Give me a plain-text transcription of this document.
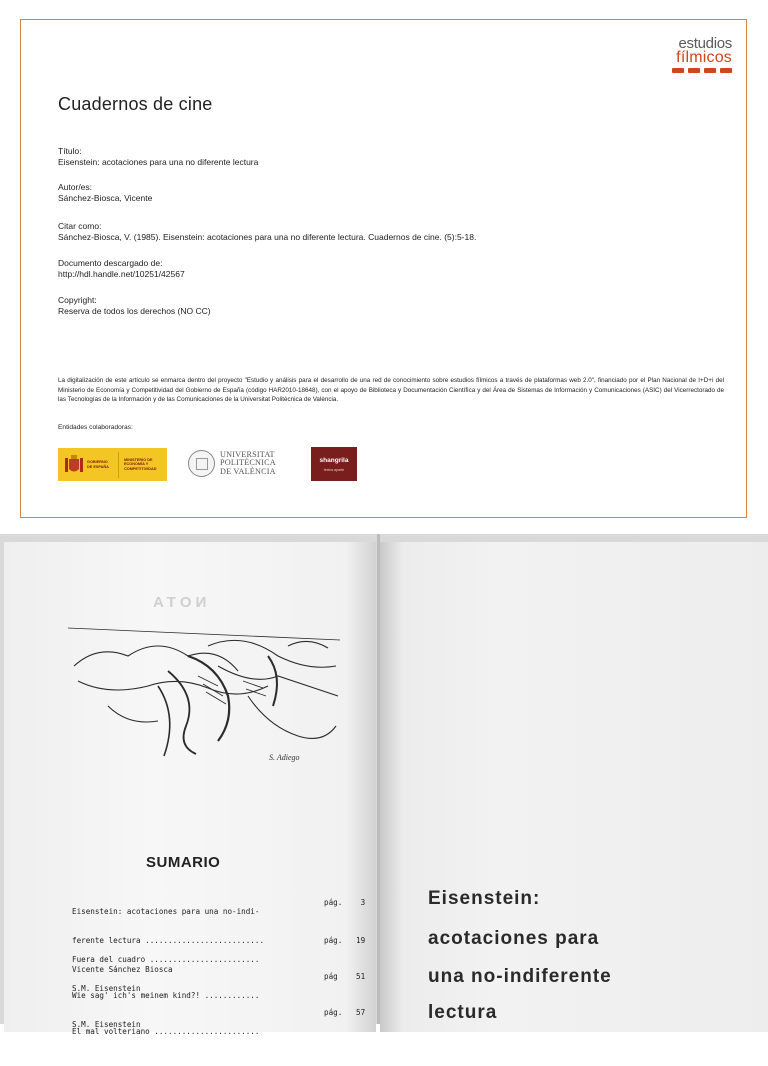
estudios
fílmicos
Cuadernos de cine
Título:
Eisenstein: acotaciones para una no diferente lectura
Autor/es:
Sánchez-Biosca, Vicente
Citar como:
Sánchez-Biosca, V. (1985). Eisenstein: acotaciones para una no diferente lectura. Cuadernos de cine. (5):5-18.
Documento descargado de:
http://hdl.handle.net/10251/42567
Copyright:
Reserva de todos los derechos (NO CC)
La digitalización de este artículo se enmarca dentro del proyecto "Estudio y análisis para el desarrollo de una red de conocimiento sobre estudios fílmicos a través de plataformas web 2.0", financiado por el Plan Nacional de I+D+i del Ministerio de Economía y Competitividad del Gobierno de España (código HAR2010-18648), con el apoyo de Biblioteca y Documentación Científica y del Área de Sistemas de Información y Comunicaciones (ASIC) del Vicerrectorado de las Tecnologías de la Información y de las Comunicaciones de la Universitat Politècnica de València.
Entidades colaboradoras:
GOBIERNO DE ESPAÑA
MINISTERIO DE ECONOMÍA Y COMPETITIVIDAD
UNIVERSITAT
POLITÈCNICA
DE VALÈNCIA
shangrila
textos aparte
NOTA
S. Adiego
SUMARIO

Eisenstein: acotaciones para una no-indi-

ferente lectura ..........................

Vicente Sánchez Biosca

pág. 3

Fuera del cuadro ........................

S.M. Eisenstein

pág. 19

Wie sag' ich's meinem kind?! ............

S.M. Eisenstein

pág 51

El mal volteriano .......................

pág. 57

Eisenstein:
acotaciones para
una no-indiferente
lectura
